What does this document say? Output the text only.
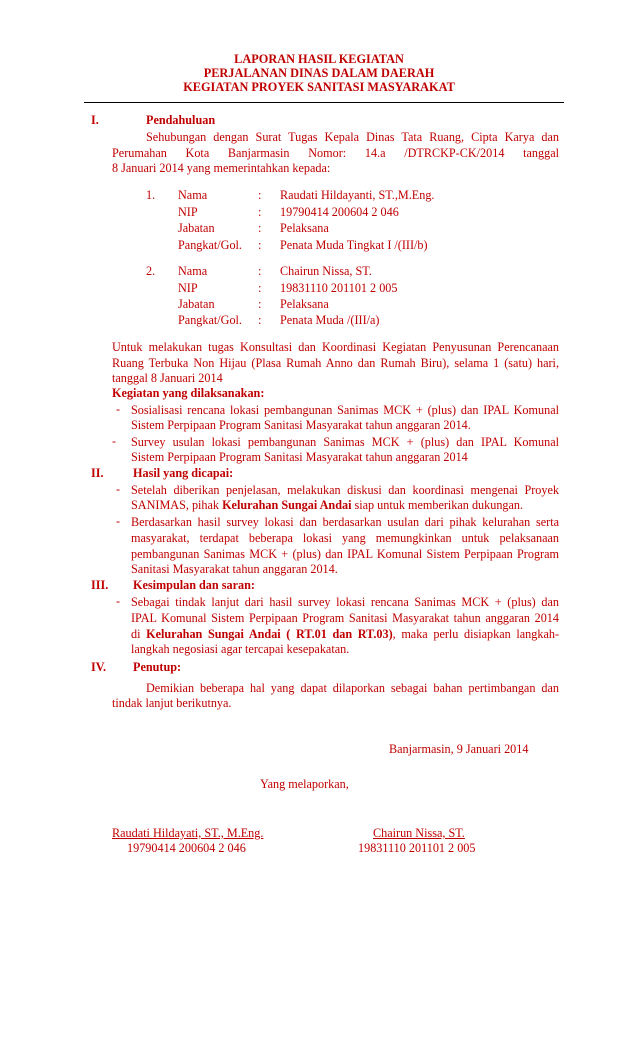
LAPORAN HASIL KEGIATAN
PERJALANAN DINAS DALAM DAERAH
KEGIATAN PROYEK SANITASI MASYARAKAT
I.	Pendahuluan
Sehubungan dengan Surat Tugas Kepala Dinas Tata Ruang, Cipta Karya dan
Perumahan Kota Banjarmasin Nomor: 14.a /DTRCKP-CK/2014 tanggal
8 Januari 2014 yang memerintahkan kepada:
1. Nama	: Raudati Hildayanti, ST.,M.Eng.
NIP	: 19790414 200604 2 046
Jabatan	: Pelaksana
Pangkat/Gol. : Penata Muda Tingkat I /(III/b)
2. Nama	: Chairun Nissa, ST.
NIP	: 19831110 201101 2 005
Jabatan	: Pelaksana
Pangkat/Gol. : Penata Muda /(III/a)
Untuk melakukan tugas Konsultasi dan Koordinasi Kegiatan Penyusunan Perencanaan
Ruang Terbuka Non Hijau (Plasa Rumah Anno dan Rumah Biru), selama 1 (satu) hari,
tanggal 8 Januari 2014
Kegiatan yang dilaksanakan:
- Sosialisasi rencana lokasi pembangunan Sanimas MCK + (plus) dan IPAL Komunal
Sistem Perpipaan Program Sanitasi Masyarakat tahun anggaran 2014.
- Survey usulan lokasi pembangunan Sanimas MCK + (plus) dan IPAL Komunal
Sistem Perpipaan Program Sanitasi Masyarakat tahun anggaran 2014
II. Hasil yang dicapai:
- Setelah diberikan penjelasan, melakukan diskusi dan koordinasi mengenai Proyek
SANIMAS, pihak Kelurahan Sungai Andai siap untuk memberikan dukungan.
- Berdasarkan hasil survey lokasi dan berdasarkan usulan dari pihak kelurahan serta
masyarakat, terdapat beberapa lokasi yang memungkinkan untuk pelaksanaan
pembangunan Sanimas MCK + (plus) dan IPAL Komunal Sistem Perpipaan Program
Sanitasi Masyarakat tahun anggaran 2014.
III. Kesimpulan dan saran:
- Sebagai tindak lanjut dari hasil survey lokasi rencana Sanimas MCK + (plus) dan
IPAL Komunal Sistem Perpipaan Program Sanitasi Masyarakat tahun anggaran 2014
di Kelurahan Sungai Andai ( RT.01 dan RT.03), maka perlu disiapkan langkah-
langkah negosiasi agar tercapai kesepakatan.
IV. Penutup:
Demikian beberapa hal yang dapat dilaporkan sebagai bahan pertimbangan dan
tindak lanjut berikutnya.
Banjarmasin, 9 Januari 2014
Yang melaporkan,
Raudati Hildayati, ST., M.Eng.
19790414 200604 2 046
Chairun Nissa, ST.
19831110 201101 2 005
